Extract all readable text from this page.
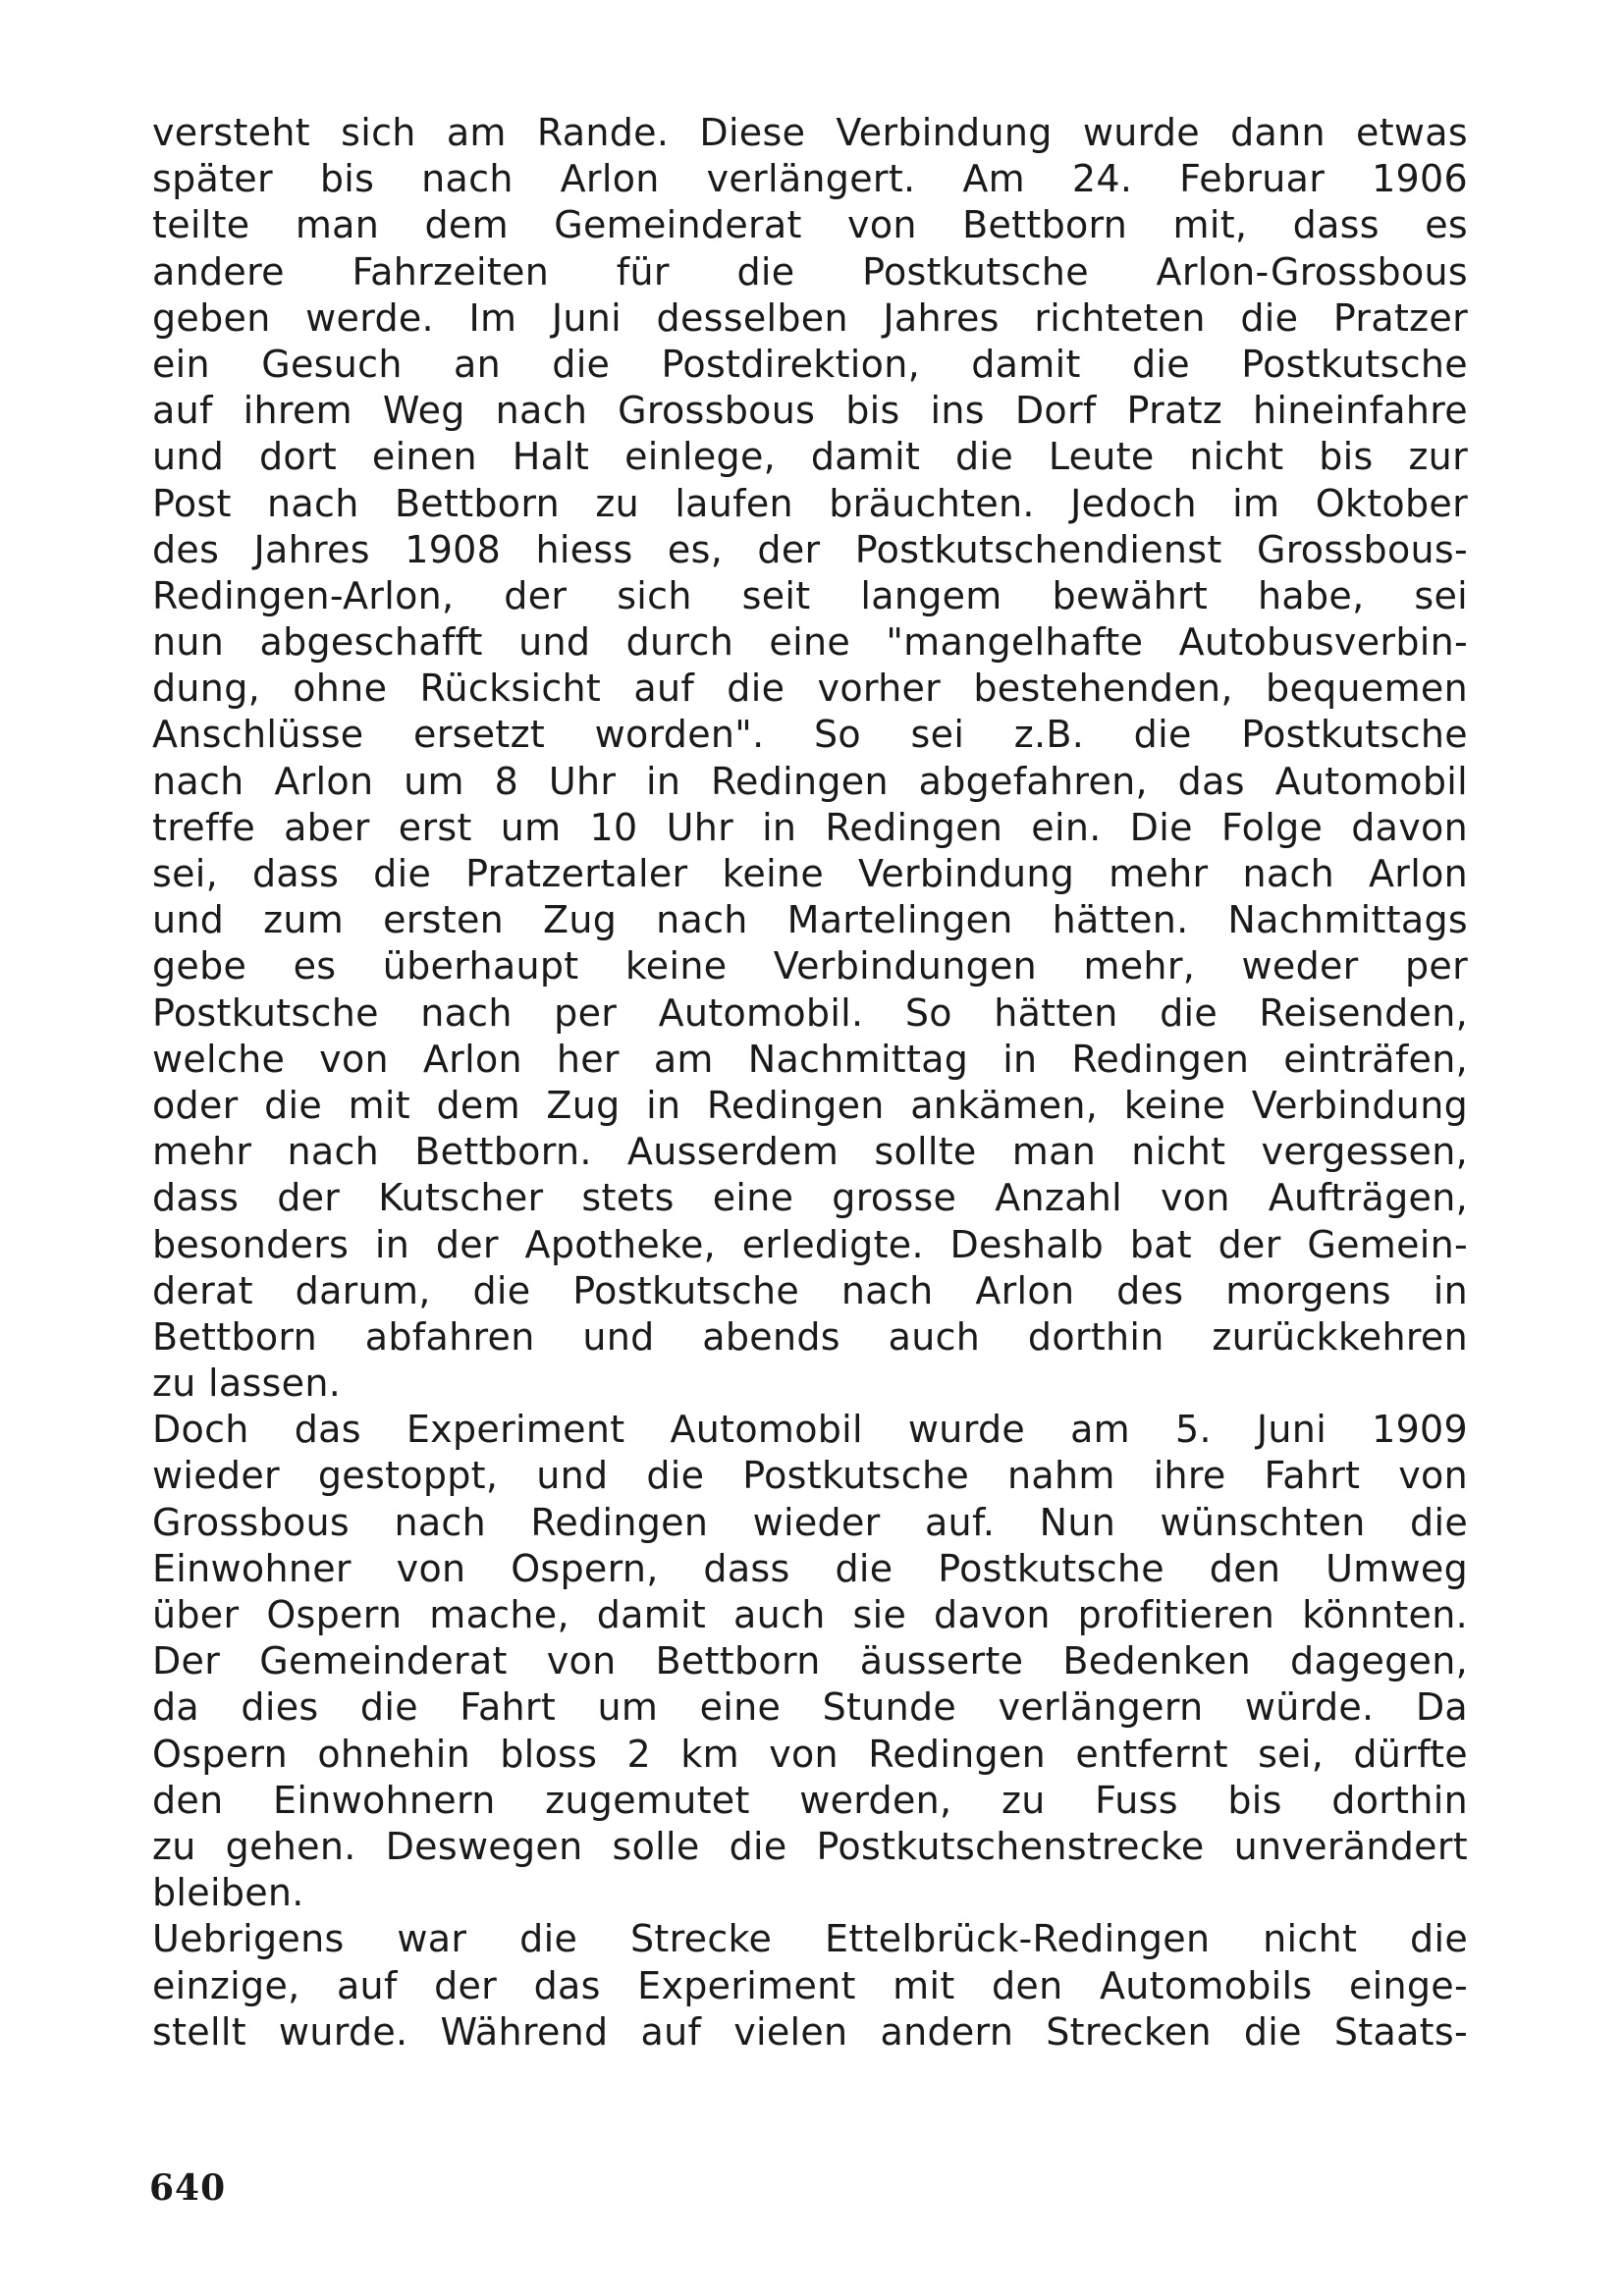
versteht sich am Rande. Diese Verbindung wurde dann etwas
später bis nach Arlon verlängert. Am 24. Februar 1906
teilte man dem Gemeinderat von Bettborn mit, dass es
andere Fahrzeiten für die Postkutsche Arlon-Grossbous
geben werde. Im Juni desselben Jahres richteten die Pratzer
ein Gesuch an die Postdirektion, damit die Postkutsche
auf ihrem Weg nach Grossbous bis ins Dorf Pratz hineinfahre
und dort einen Halt einlege, damit die Leute nicht bis zur
Post nach Bettborn zu laufen bräuchten. Jedoch im Oktober
des Jahres 1908 hiess es, der Postkutschendienst Grossbous-
Redingen-Arlon, der sich seit langem bewährt habe, sei
nun abgeschafft und durch eine "mangelhafte Autobusverbin-
dung, ohne Rücksicht auf die vorher bestehenden, bequemen
Anschlüsse ersetzt worden". So sei z.B. die Postkutsche
nach Arlon um 8 Uhr in Redingen abgefahren, das Automobil
treffe aber erst um 10 Uhr in Redingen ein. Die Folge davon
sei, dass die Pratzertaler keine Verbindung mehr nach Arlon
und zum ersten Zug nach Martelingen hätten. Nachmittags
gebe es überhaupt keine Verbindungen mehr, weder per
Postkutsche nach per Automobil. So hätten die Reisenden,
welche von Arlon her am Nachmittag in Redingen einträfen,
oder die mit dem Zug in Redingen ankämen, keine Verbindung
mehr nach Bettborn. Ausserdem sollte man nicht vergessen,
dass der Kutscher stets eine grosse Anzahl von Aufträgen,
besonders in der Apotheke, erledigte. Deshalb bat der Gemein-
derat darum, die Postkutsche nach Arlon des morgens in
Bettborn abfahren und abends auch dorthin zurückkehren
zu lassen.
Doch das Experiment Automobil wurde am 5. Juni 1909
wieder gestoppt, und die Postkutsche nahm ihre Fahrt von
Grossbous nach Redingen wieder auf. Nun wünschten die
Einwohner von Ospern, dass die Postkutsche den Umweg
über Ospern mache, damit auch sie davon profitieren könnten.
Der Gemeinderat von Bettborn äusserte Bedenken dagegen,
da dies die Fahrt um eine Stunde verlängern würde. Da
Ospern ohnehin bloss 2 km von Redingen entfernt sei, dürfte
den Einwohnern zugemutet werden, zu Fuss bis dorthin
zu gehen. Deswegen solle die Postkutschenstrecke unverändert
bleiben.
Uebrigens war die Strecke Ettelbrück-Redingen nicht die
einzige, auf der das Experiment mit den Automobils einge-
stellt wurde. Während auf vielen andern Strecken die Staats-
640
